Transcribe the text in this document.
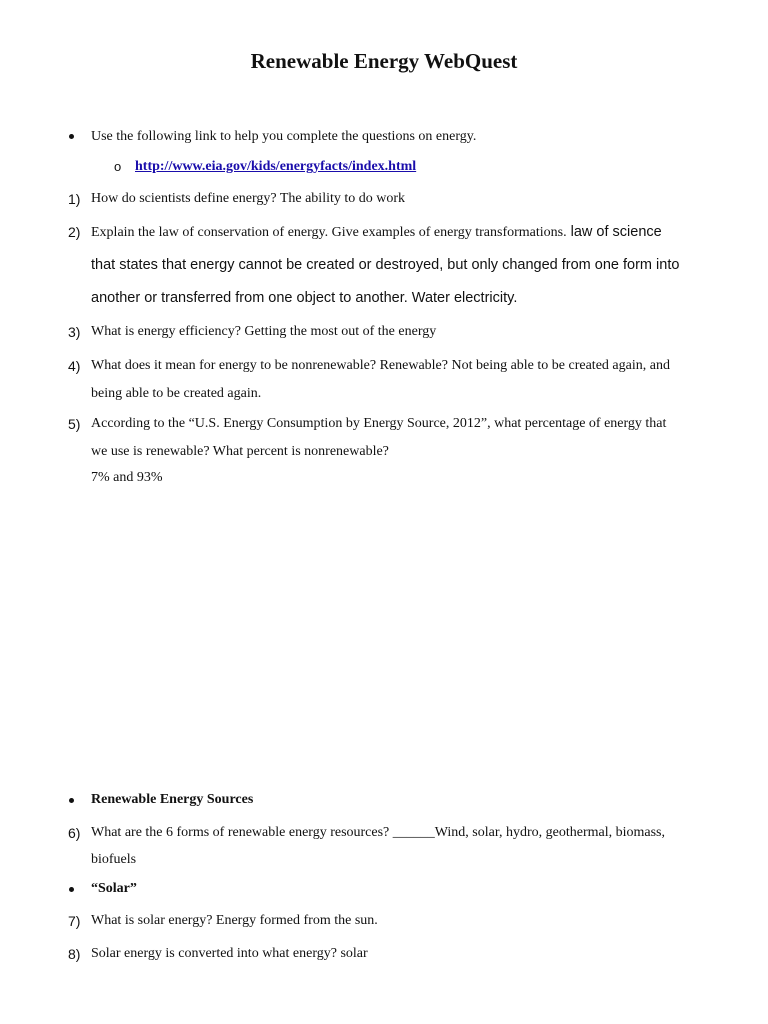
Renewable Energy WebQuest
Use the following link to help you complete the questions on energy.
o http://www.eia.gov/kids/energyfacts/index.html
1) How do scientists define energy? The ability to do work
2) Explain the law of conservation of energy. Give examples of energy transformations. law of science
that states that energy cannot be created or destroyed, but only changed from one form into
another or transferred from one object to another. Water electricity.
3) What is energy efficiency? Getting the most out of the energy
4) What does it mean for energy to be nonrenewable? Renewable? Not being able to be created again, and
being able to be created again.
5) According to the “U.S. Energy Consumption by Energy Source, 2012”, what percentage of energy that
we use is renewable? What percent is nonrenewable?
7% and 93%
Renewable Energy Sources
6) What are the 6 forms of renewable energy resources? ______Wind, solar, hydro, geothermal, biomass,
biofuels
“Solar”
7) What is solar energy? Energy formed from the sun.
8) Solar energy is converted into what energy? solar
